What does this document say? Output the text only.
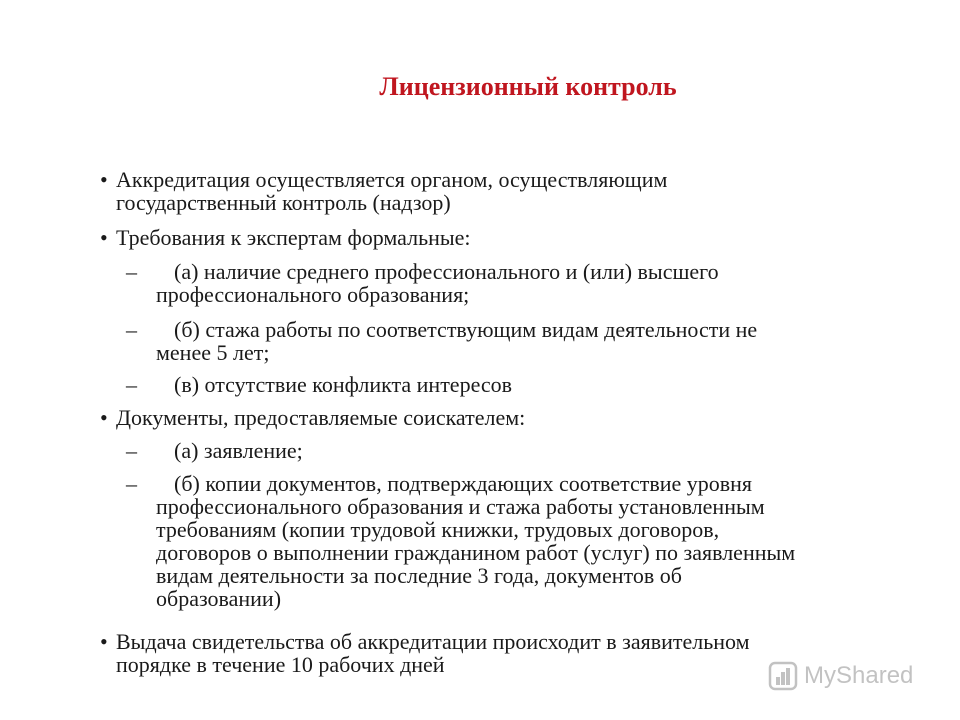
Лицензионный контроль
• Аккредитация осуществляется органом, осуществляющим
государственный контроль (надзор)
• Требования к экспертам формальные:
–	(а) наличие среднего профессионального и (или) высшего
профессионального образования;
–	(б) стажа работы по соответствующим видам деятельности не
менее 5 лет;
–	(в) отсутствие конфликта интересов
• Документы, предоставляемые соискателем:
–	(а) заявление;
–	(б) копии документов, подтверждающих соответствие уровня
профессионального образования и стажа работы установленным
требованиям (копии трудовой книжки, трудовых договоров,
договоров о выполнении гражданином работ (услуг) по заявленным
видам деятельности за последние 3 года, документов об
образовании)
• Выдача свидетельства об аккредитации происходит в заявительном
порядке в течение 10 рабочих дней	MyShared
